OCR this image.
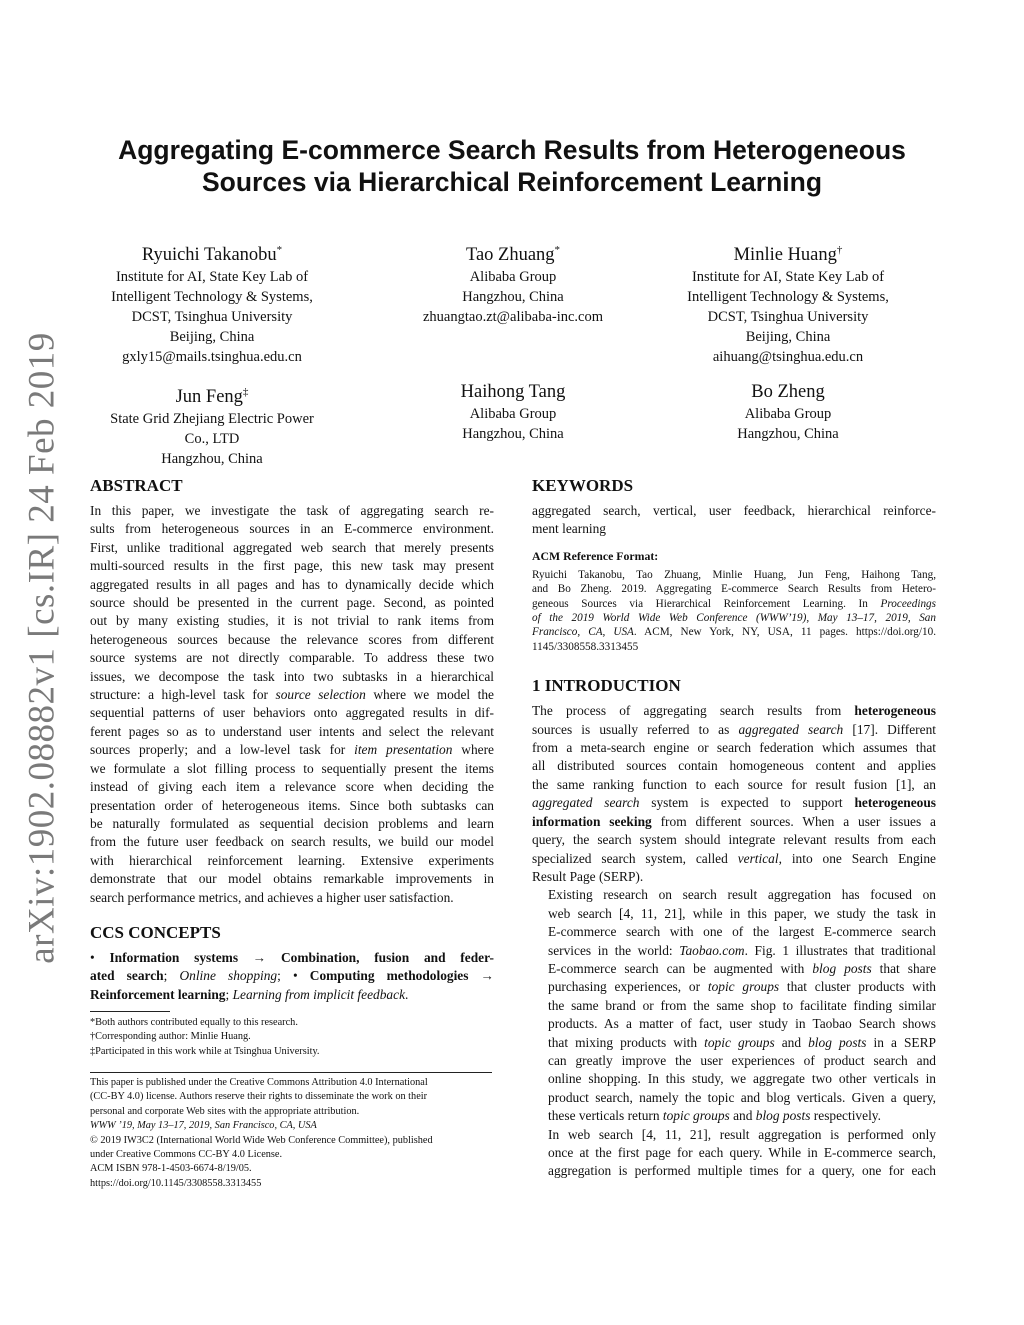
arXiv:1902.08882v1 [cs.IR] 24 Feb 2019
Aggregating E-commerce Search Results from Heterogeneous
Sources via Hierarchical Reinforcement Learning
Ryuichi Takanobu*
Institute for AI, State Key Lab of
Intelligent Technology & Systems,
DCST, Tsinghua University
Beijing, China
gxly15@mails.tsinghua.edu.cn
Tao Zhuang*
Alibaba Group
Hangzhou, China
zhuangtao.zt@alibaba-inc.com
Minlie Huang†
Institute for AI, State Key Lab of
Intelligent Technology & Systems,
DCST, Tsinghua University
Beijing, China
aihuang@tsinghua.edu.cn
Jun Feng‡
State Grid Zhejiang Electric Power
Co., LTD
Hangzhou, China
Haihong Tang
Alibaba Group
Hangzhou, China
Bo Zheng
Alibaba Group
Hangzhou, China
ABSTRACT
In this paper, we investigate the task of aggregating search re-
sults from heterogeneous sources in an E-commerce environment.
First, unlike traditional aggregated web search that merely presents
multi-sourced results in the first page, this new task may present
aggregated results in all pages and has to dynamically decide which
source should be presented in the current page. Second, as pointed
out by many existing studies, it is not trivial to rank items from
heterogeneous sources because the relevance scores from different
source systems are not directly comparable. To address these two
issues, we decompose the task into two subtasks in a hierarchical
structure: a high-level task for source selection where we model the
sequential patterns of user behaviors onto aggregated results in dif-
ferent pages so as to understand user intents and select the relevant
sources properly; and a low-level task for item presentation where
we formulate a slot filling process to sequentially present the items
instead of giving each item a relevance score when deciding the
presentation order of heterogeneous items. Since both subtasks can
be naturally formulated as sequential decision problems and learn
from the future user feedback on search results, we build our model
with hierarchical reinforcement learning. Extensive experiments
demonstrate that our model obtains remarkable improvements in
search performance metrics, and achieves a higher user satisfaction.
CCS CONCEPTS
• Information systems → Combination, fusion and feder-
ated search; Online shopping; • Computing methodologies →
Reinforcement learning; Learning from implicit feedback.
*Both authors contributed equally to this research.
†Corresponding author: Minlie Huang.
‡Participated in this work while at Tsinghua University.
This paper is published under the Creative Commons Attribution 4.0 International
(CC-BY 4.0) license. Authors reserve their rights to disseminate the work on their
personal and corporate Web sites with the appropriate attribution.
WWW ’19, May 13–17, 2019, San Francisco, CA, USA
© 2019 IW3C2 (International World Wide Web Conference Committee), published
under Creative Commons CC-BY 4.0 License.
ACM ISBN 978-1-4503-6674-8/19/05.
https://doi.org/10.1145/3308558.3313455
KEYWORDS
aggregated search, vertical, user feedback, hierarchical reinforce-
ment learning
ACM Reference Format:
Ryuichi Takanobu, Tao Zhuang, Minlie Huang, Jun Feng, Haihong Tang,
and Bo Zheng. 2019. Aggregating E-commerce Search Results from Hetero-
geneous Sources via Hierarchical Reinforcement Learning. In Proceedings
of the 2019 World Wide Web Conference (WWW’19), May 13–17, 2019, San
Francisco, CA, USA. ACM, New York, NY, USA, 11 pages. https://doi.org/10.
1145/3308558.3313455
1 INTRODUCTION
The process of aggregating search results from heterogeneous
sources is usually referred to as aggregated search [17]. Different
from a meta-search engine or search federation which assumes that
all distributed sources contain homogeneous content and applies
the same ranking function to each source for result fusion [1], an
aggregated search system is expected to support heterogeneous
information seeking from different sources. When a user issues a
query, the search system should integrate relevant results from each
specialized search system, called vertical, into one Search Engine
Result Page (SERP).
Existing research on search result aggregation has focused on
web search [4, 11, 21], while in this paper, we study the task in
E-commerce search with one of the largest E-commerce search
services in the world: Taobao.com. Fig. 1 illustrates that traditional
E-commerce search can be augmented with blog posts that share
purchasing experiences, or topic groups that cluster products with
the same brand or from the same shop to facilitate finding similar
products. As a matter of fact, user study in Taobao Search shows
that mixing products with topic groups and blog posts in a SERP
can greatly improve the user experiences of product search and
online shopping. In this study, we aggregate two other verticals in
product search, namely the topic and blog verticals. Given a query,
these verticals return topic groups and blog posts respectively.
In web search [4, 11, 21], result aggregation is performed only
once at the first page for each query. While in E-commerce search,
aggregation is performed multiple times for a query, one for each
